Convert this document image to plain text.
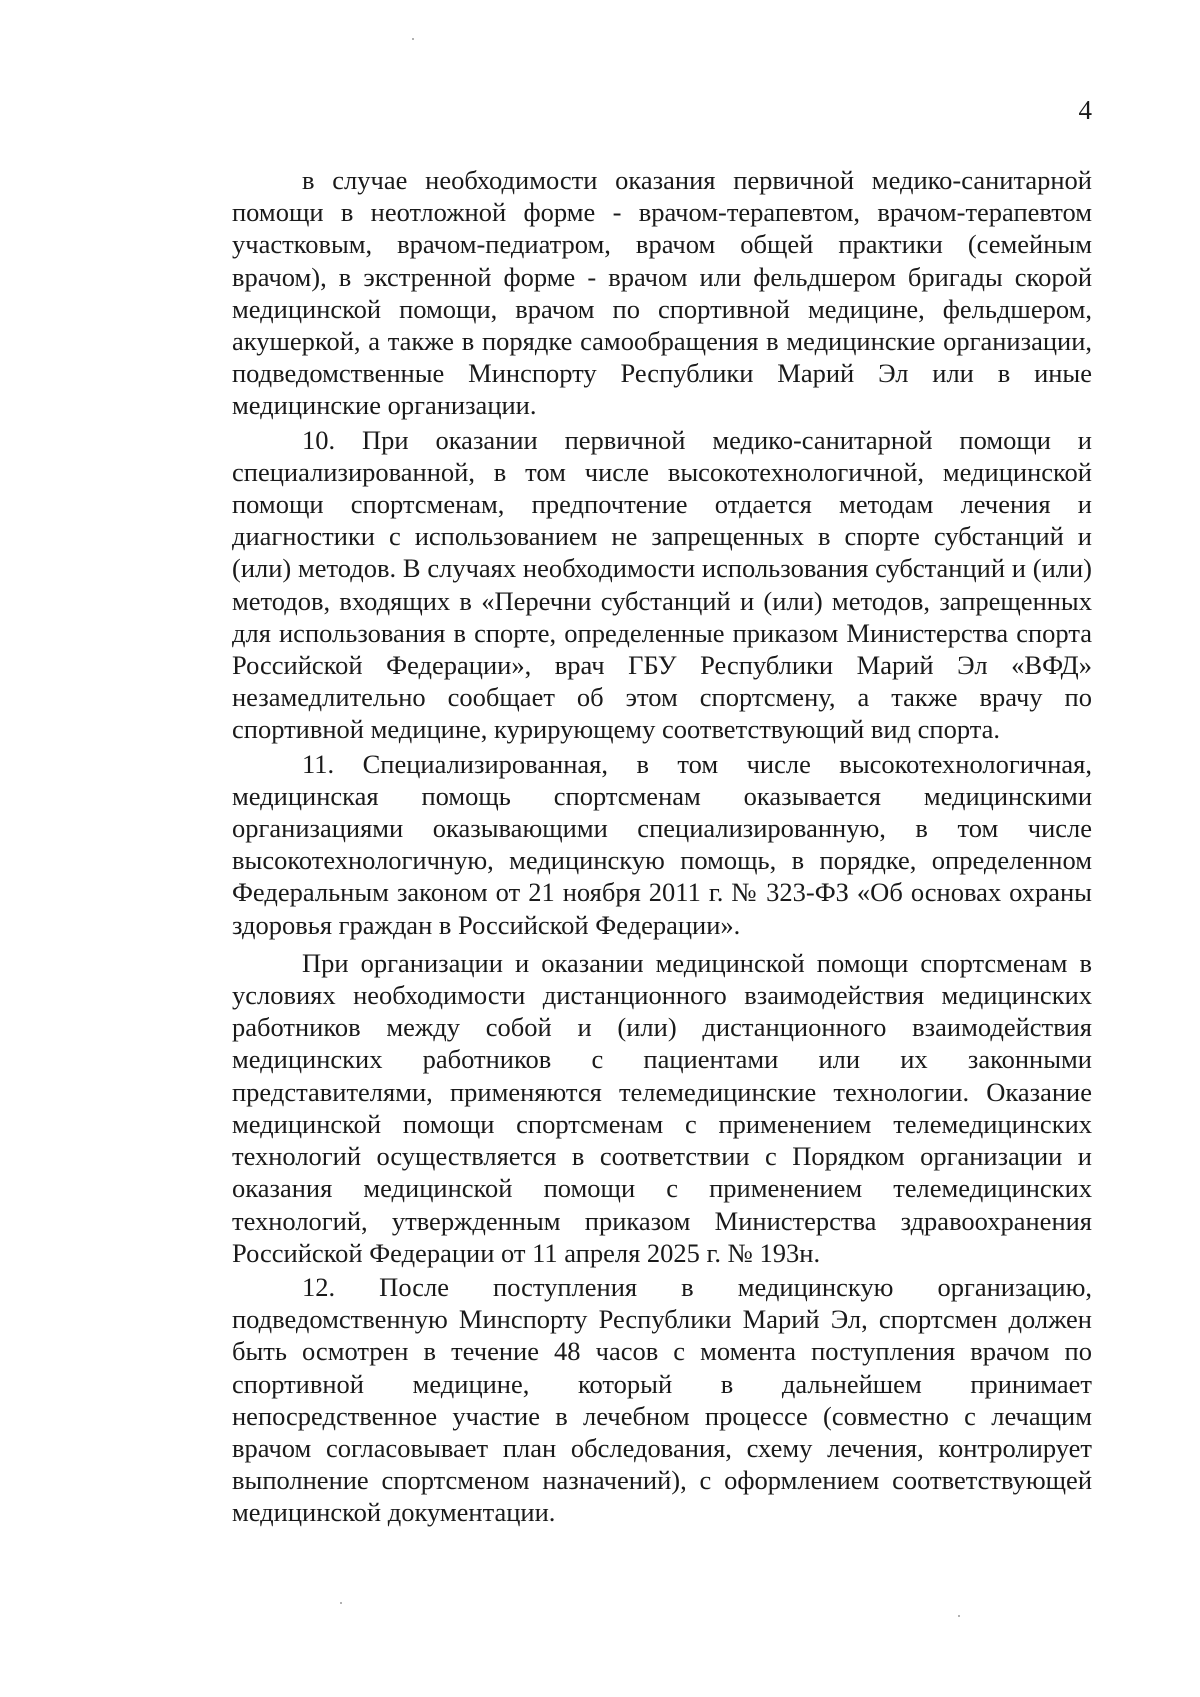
4

в случае необходимости оказания первичной медико-санитарной помощи в неотложной форме - врачом-терапевтом, врачом-терапевтом участковым, врачом-педиатром, врачом общей практики (семейным врачом), в экстренной форме - врачом или фельдшером бригады скорой медицинской помощи, врачом по спортивной медицине, фельдшером, акушеркой, а также в порядке самообращения в медицинские организации, подведомственные Минспорту Республики Марий Эл или в иные медицинские организации.

10. При оказании первичной медико-санитарной помощи и специализированной, в том числе высокотехнологичной, медицинской помощи спортсменам, предпочтение отдается методам лечения и диагностики с использованием не запрещенных в спорте субстанций и (или) методов. В случаях необходимости использования субстанций и (или) методов, входящих в «Перечни субстанций и (или) методов, запрещенных для использования в спорте, определенные приказом Министерства спорта Российской Федерации», врач ГБУ Республики Марий Эл «ВФД» незамедлительно сообщает об этом спортсмену, а также врачу по спортивной медицине, курирующему соответствующий вид спорта.

11. Специализированная, в том числе высокотехнологичная, медицинская помощь спортсменам оказывается медицинскими организациями оказывающими специализированную, в том числе высокотехнологичную, медицинскую помощь, в порядке, определенном Федеральным законом от 21 ноября 2011 г. № 323-ФЗ «Об основах охраны здоровья граждан в Российской Федерации».

При организации и оказании медицинской помощи спортсменам в условиях необходимости дистанционного взаимодействия медицинских работников между собой и (или) дистанционного взаимодействия медицинских работников с пациентами или их законными представителями, применяются телемедицинские технологии. Оказание медицинской помощи спортсменам с применением телемедицинских технологий осуществляется в соответствии с Порядком организации и оказания медицинской помощи с применением телемедицинских технологий, утвержденным приказом Министерства здравоохранения Российской Федерации от 11 апреля 2025 г. № 193н.

12. После поступления в медицинскую организацию, подведомственную Минспорту Республики Марий Эл, спортсмен должен быть осмотрен в течение 48 часов с момента поступления врачом по спортивной медицине, который в дальнейшем принимает непосредственное участие в лечебном процессе (совместно с лечащим врачом согласовывает план обследования, схему лечения, контролирует выполнение спортсменом назначений), с оформлением соответствующей медицинской документации.
